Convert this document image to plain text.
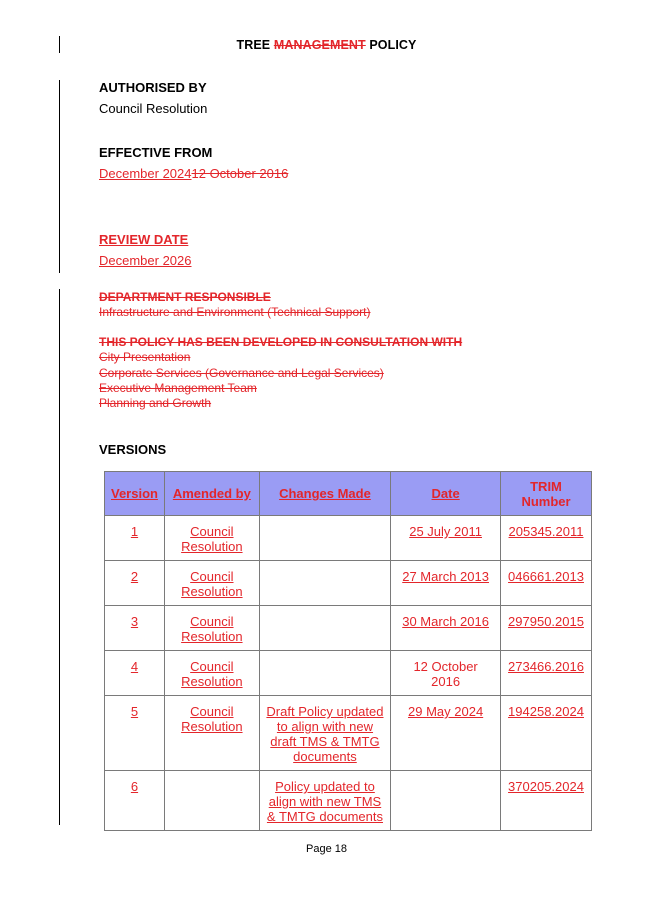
TREE MANAGEMENT POLICY
AUTHORISED BY
Council Resolution
EFFECTIVE FROM
December 202412 October 2016
REVIEW DATE
December 2026
DEPARTMENT RESPONSIBLE
Infrastructure and Environment (Technical Support)
THIS POLICY HAS BEEN DEVELOPED IN CONSULTATION WITH
City Presentation
Corporate Services (Governance and Legal Services)
Executive Management Team
Planning and Growth
VERSIONS
Version	Amended by	Changes Made	Date	TRIM Number
1	Council Resolution		25 July 2011	205345.2011
2	Council Resolution		27 March 2013	046661.2013
3	Council Resolution		30 March 2016	297950.2015
4	Council Resolution		12 October 2016	273466.2016
5	Council Resolution	Draft Policy updated to align with new draft TMS & TMTG documents	29 May 2024	194258.2024
6		Policy updated to align with new TMS & TMTG documents		370205.2024
Page 18
